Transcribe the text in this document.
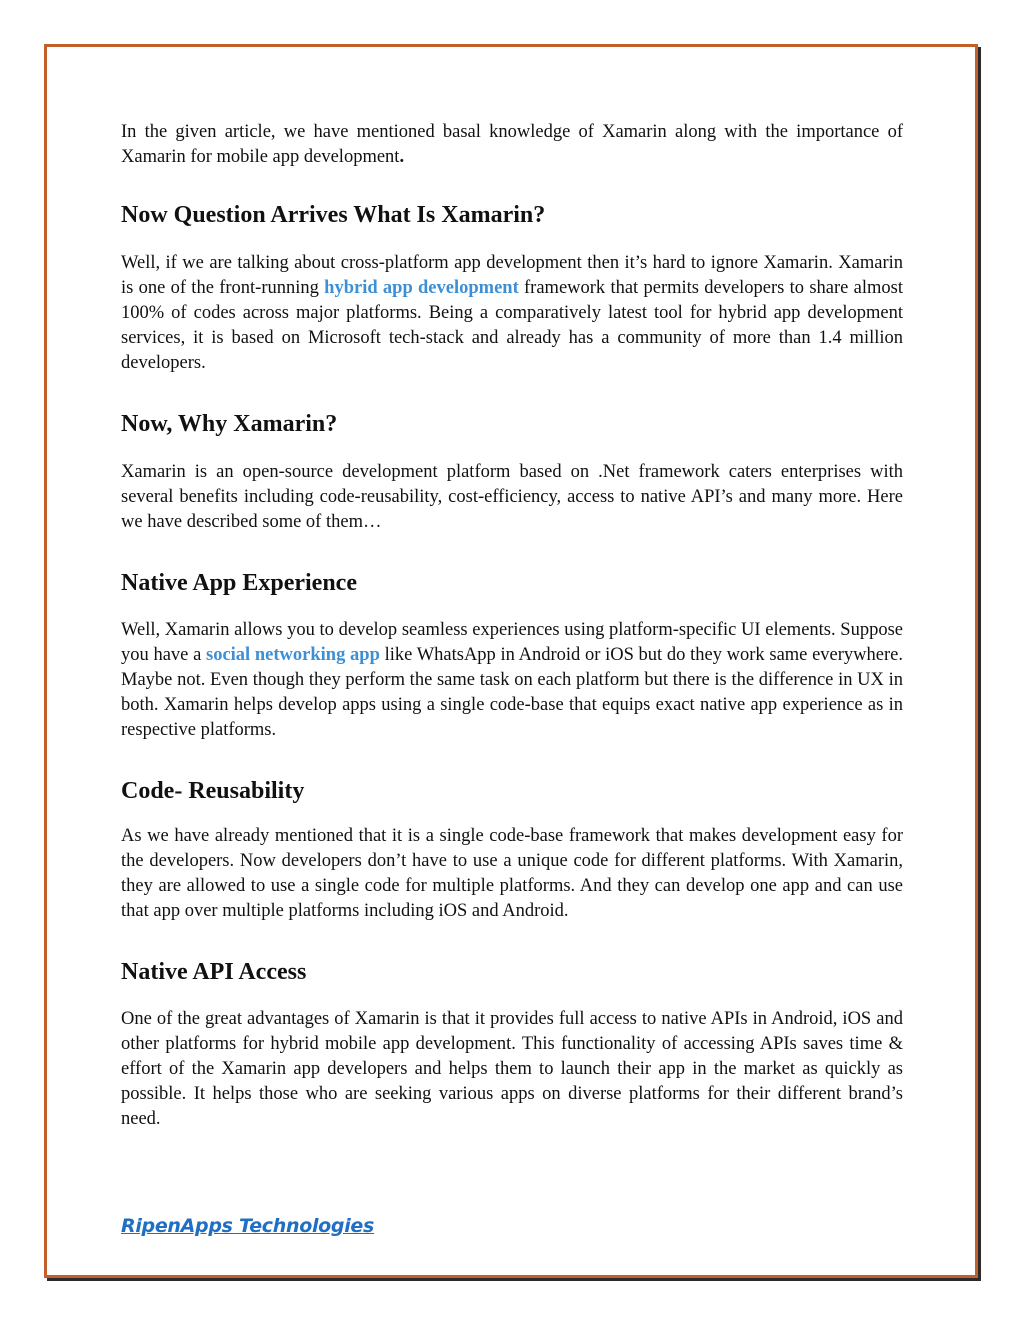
In the given article, we have mentioned basal knowledge of Xamarin along with the importance of Xamarin for mobile app development.

Now Question Arrives What Is Xamarin?

Well, if we are talking about cross-platform app development then it’s hard to ignore Xamarin. Xamarin is one of the front-running hybrid app development framework that permits developers to share almost 100% of codes across major platforms. Being a comparatively latest tool for hybrid app development services, it is based on Microsoft tech-stack and already has a community of more than 1.4 million developers.

Now, Why Xamarin?

Xamarin is an open-source development platform based on .Net framework caters enterprises with several benefits including code-reusability, cost-efficiency, access to native API’s and many more. Here we have described some of them…

Native App Experience

Well, Xamarin allows you to develop seamless experiences using platform-specific UI elements. Suppose you have a social networking app like WhatsApp in Android or iOS but do they work same everywhere. Maybe not. Even though they perform the same task on each platform but there is the difference in UX in both. Xamarin helps develop apps using a single code-base that equips exact native app experience as in respective platforms.

Code- Reusability

As we have already mentioned that it is a single code-base framework that makes development easy for the developers. Now developers don’t have to use a unique code for different platforms. With Xamarin, they are allowed to use a single code for multiple platforms. And they can develop one app and can use that app over multiple platforms including iOS and Android.

Native API Access

One of the great advantages of Xamarin is that it provides full access to native APIs in Android, iOS and other platforms for hybrid mobile app development. This functionality of accessing APIs saves time & effort of the Xamarin app developers and helps them to launch their app in the market as quickly as possible. It helps those who are seeking various apps on diverse platforms for their different brand’s need.

RipenApps Technologies
